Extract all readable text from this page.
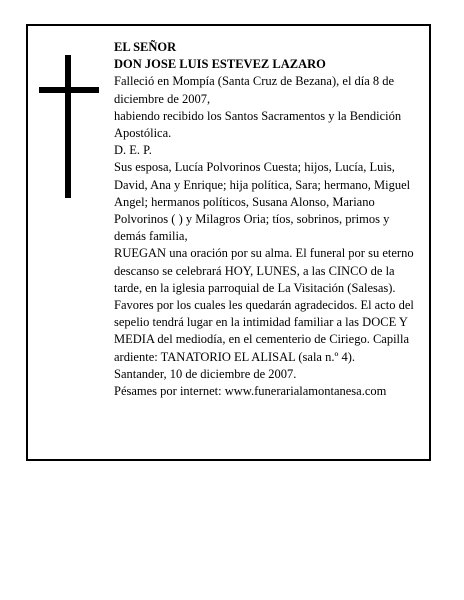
EL SEÑOR

DON JOSE LUIS ESTEVEZ LAZARO

Falleció en Mompía (Santa Cruz de Bezana), el día 8 de diciembre de 2007,

habiendo recibido los Santos Sacramentos y la Bendición Apostólica.

D. E. P.

Sus esposa, Lucía Polvorinos Cuesta; hijos, Lucía, Luis, David, Ana y Enrique; hija política, Sara; hermano, Miguel Angel; hermanos políticos, Susana Alonso, Mariano Polvorinos ( ) y Milagros Oria; tíos, sobrinos, primos y demás familia,

RUEGAN una oración por su alma. El funeral por su eterno descanso se celebrará HOY, LUNES, a las CINCO de la tarde, en la iglesia parroquial de La Visitación (Salesas). Favores por los cuales les quedarán agradecidos. El acto del sepelio tendrá lugar en la intimidad familiar a las DOCE Y MEDIA del mediodía, en el cementerio de Ciriego. Capilla ardiente: TANATORIO EL ALISAL (sala n.º 4).

Santander, 10 de diciembre de 2007.

Pésames por internet: www.funerarialamontanesa.com
